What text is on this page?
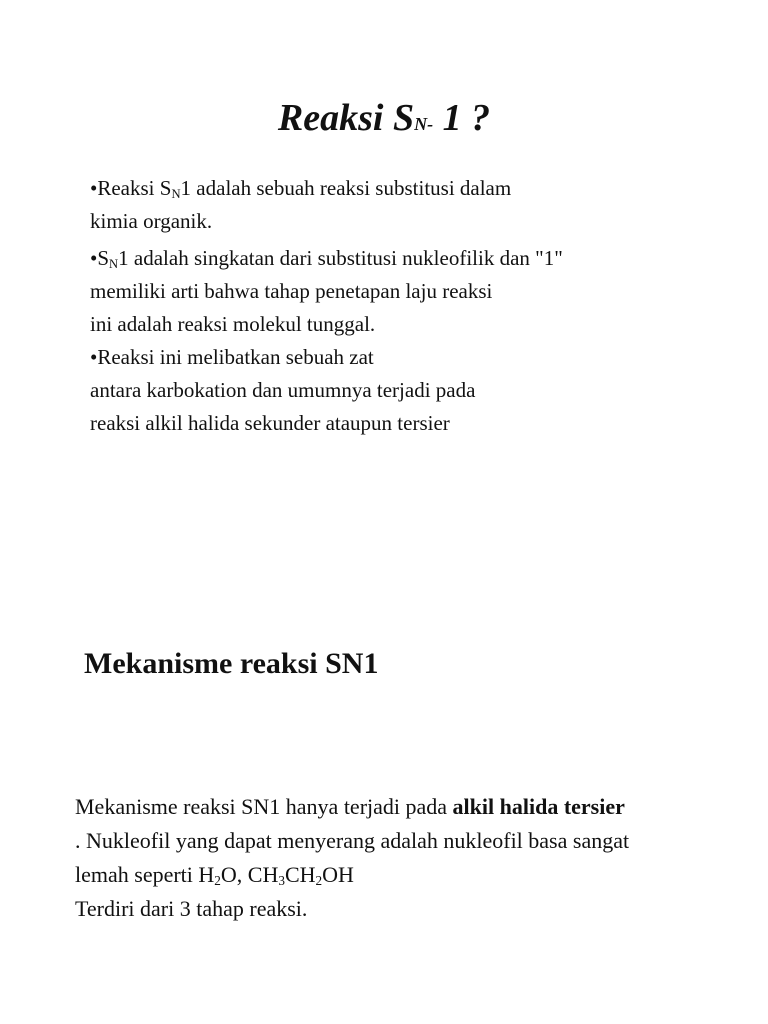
Reaksi SN- 1 ?
•Reaksi $S_N1$ adalah sebuah reaksi substitusi dalam
kimia organik.
$•S_N1$ adalah singkatan dari substitusi nukleofilik dan "1"
memiliki arti bahwa tahap penetapan laju reaksi
ini adalah reaksi molekul tunggal.
•Reaksi ini melibatkan sebuah zat
antara karbokation dan umumnya terjadi pada
reaksi alkil halida sekunder ataupun tersier
Mekanisme reaksi SN1
Mekanisme reaksi SN1 hanya terjadi pada alkil halida tersier
. Nukleofil yang dapat menyerang adalah nukleofil basa sangat
lemah seperti $H_2O$, $CH_3CH_2OH$
Terdiri dari 3 tahap reaksi.
